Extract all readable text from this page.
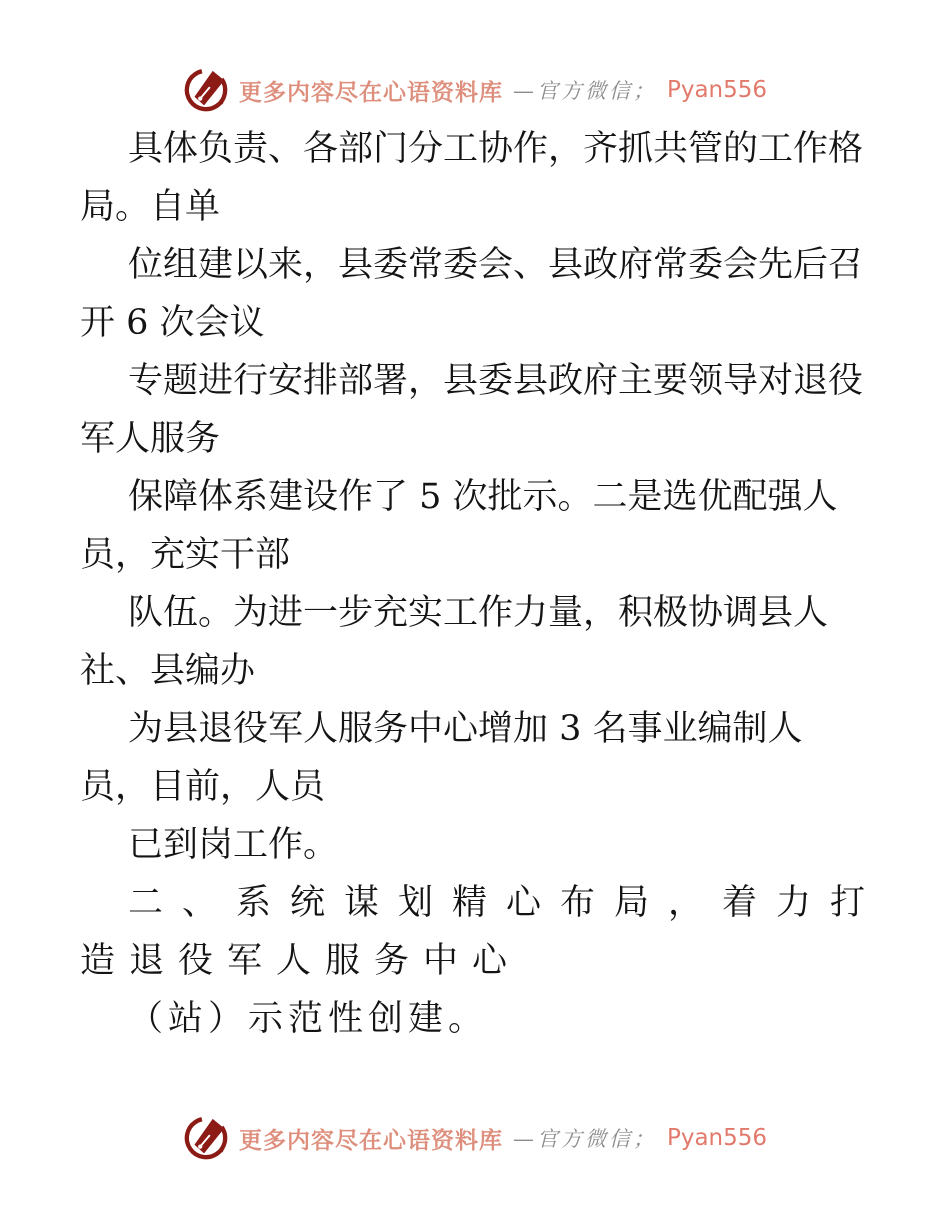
更多内容尽在心语资料库 —官方微信； Pyan556
具体负责、各部门分工协作，齐抓共管的工作格
局。自单
位组建以来，县委常委会、县政府常委会先后召
开 6 次会议
专题进行安排部署，县委县政府主要领导对退役
军人服务
保障体系建设作了 5 次批示。二是选优配强人
员，充实干部
队伍。为进一步充实工作力量，积极协调县人
社、县编办
为县退役军人服务中心增加 3 名事业编制人
员，目前，人员
已到岗工作。
二、系统谋划精心布局，着力打
造退役军人服务中心
（站）示范性创建。
更多内容尽在心语资料库 —官方微信； Pyan556
